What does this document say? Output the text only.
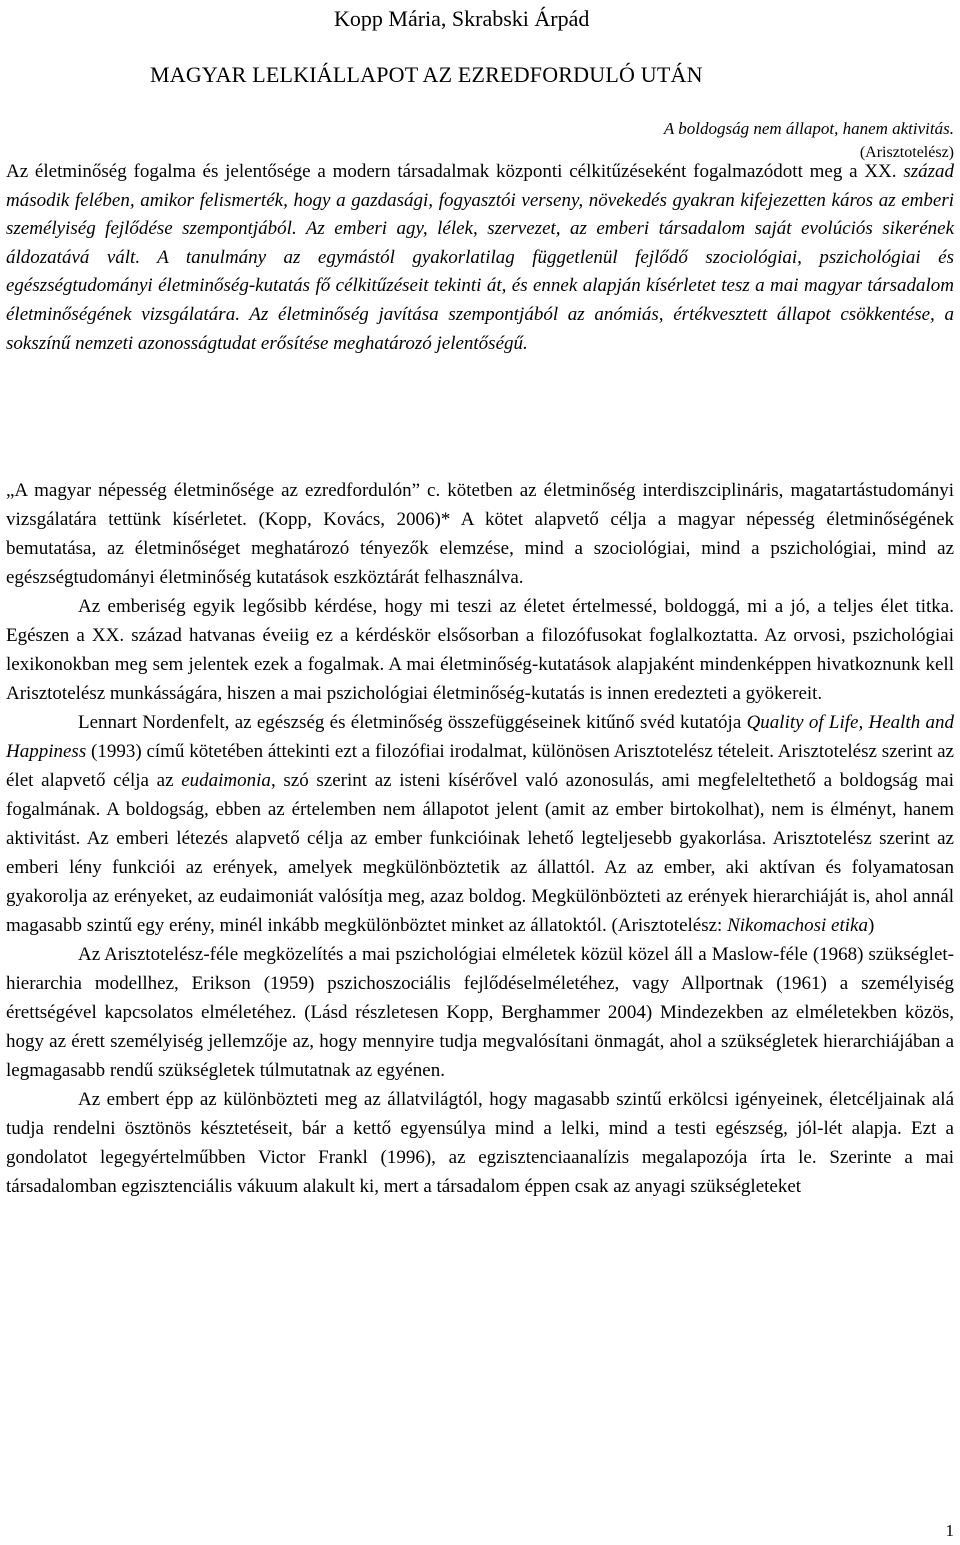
Kopp Mária, Skrabski Árpád
MAGYAR LELKIÁLLAPOT AZ EZREDFORDULÓ UTÁN
A boldogság nem állapot, hanem aktivitás.
(Arisztotelész)

Az életminőség fogalma és jelentősége a modern társadalmak központi célkitűzéseként fogalmazódott meg a XX. század második felében, amikor felismerték, hogy a gazdasági, fogyasztói verseny, növekedés gyakran kifejezetten káros az emberi személyiség fejlődése szempontjából. Az emberi agy, lélek, szervezet, az emberi társadalom saját evolúciós sikerének áldozatává vált. A tanulmány az egymástól gyakorlatilag függetlenül fejlődő szociológiai, pszichológiai és egészségtudományi életminőség-kutatás fő célkitűzéseit tekinti át, és ennek alapján kísérletet tesz a mai magyar társadalom életminőségének vizsgálatára. Az életminőség javítása szempontjából az anómiás, értékvesztett állapot csökkentése, a sokszínű nemzeti azonosságtudat erősítése meghatározó jelentőségű.

„A magyar népesség életminősége az ezredfordulón” c. kötetben az életminőség interdiszciplináris, magatartástudományi vizsgálatára tettünk kísérletet. (Kopp, Kovács, 2006)* A kötet alapvető célja a magyar népesség életminőségének bemutatása, az életminőséget meghatározó tényezők elemzése, mind a szociológiai, mind a pszichológiai, mind az egészségtudományi életminőség kutatások eszköztárát felhasználva.

Az emberiség egyik legősibb kérdése, hogy mi teszi az életet értelmessé, boldoggá, mi a jó, a teljes élet titka. Egészen a XX. század hatvanas éveiig ez a kérdéskör elsősorban a filozófusokat foglalkoztatta. Az orvosi, pszichológiai lexikonokban meg sem jelentek ezek a fogalmak. A mai életminőség-kutatások alapjaként mindenképpen hivatkoznunk kell Arisztotelész munkásságára, hiszen a mai pszichológiai életminőség-kutatás is innen eredezteti a gyökereit.

Lennart Nordenfelt, az egészség és életminőség összefüggéseinek kitűnő svéd kutatója Quality of Life, Health and Happiness (1993) című kötetében áttekinti ezt a filozófiai irodalmat, különösen Arisztotelész tételeit. Arisztotelész szerint az élet alapvető célja az eudaimonia, szó szerint az isteni kísérővel való azonosulás, ami megfeleltethető a boldogság mai fogalmának. A boldogság, ebben az értelemben nem állapotot jelent (amit az ember birtokolhat), nem is élményt, hanem aktivitást. Az emberi létezés alapvető célja az ember funkcióinak lehető legteljesebb gyakorlása. Arisztotelész szerint az emberi lény funkciói az erények, amelyek megkülönböztetik az állattól. Az az ember, aki aktívan és folyamatosan gyakorolja az erényeket, az eudaimoniát valósítja meg, azaz boldog. Megkülönbözteti az erények hierarchiáját is, ahol annál magasabb szintű egy erény, minél inkább megkülönböztet minket az állatoktól. (Arisztotelész: Nikomachosi etika)

Az Arisztotelész-féle megközelítés a mai pszichológiai elméletek közül közel áll a Maslow-féle (1968) szükséglet-hierarchia modellhez, Erikson (1959) pszichoszociális fejlődéselméletéhez, vagy Allportnak (1961) a személyiség érettségével kapcsolatos elméletéhez. (Lásd részletesen Kopp, Berghammer 2004) Mindezekben az elméletekben közös, hogy az érett személyiség jellemzője az, hogy mennyire tudja megvalósítani önmagát, ahol a szükségletek hierarchiájában a legmagasabb rendű szükségletek túlmutatnak az egyénen.

Az embert épp az különbözteti meg az állatvilágtól, hogy magasabb szintű erkölcsi igényeinek, életcéljainak alá tudja rendelni ösztönös késztetéseit, bár a kettő egyensúlya mind a lelki, mind a testi egészség, jól-lét alapja. Ezt a gondolatot legegyértelműbben Victor Frankl (1996), az egzisztenciaanalízis megalapozója írta le. Szerinte a mai társadalomban egzisztenciális vákuum alakult ki, mert a társadalom éppen csak az anyagi szükségleteket

1
